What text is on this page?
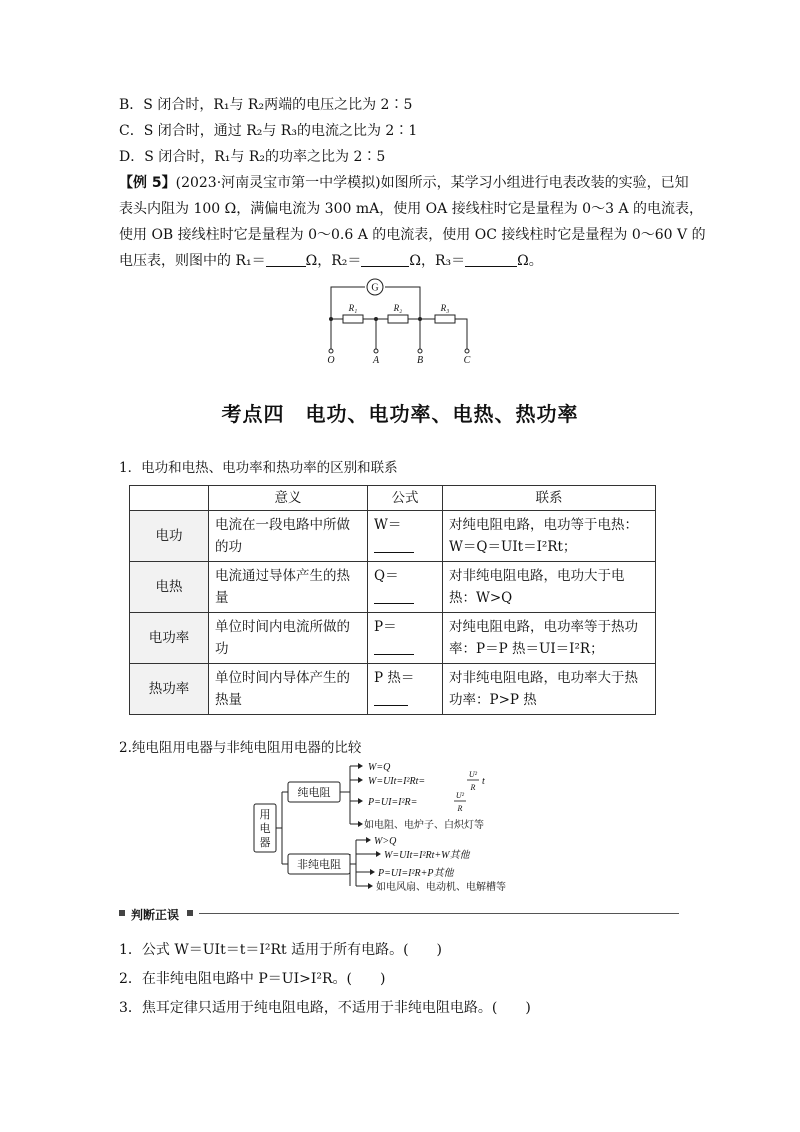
B．S 闭合时，R₁与 R₂两端的电压之比为 2∶5
C．S 闭合时，通过 R₂与 R₃的电流之比为 2∶1
D．S 闭合时，R₁与 R₂的功率之比为 2∶5
【例 5】(2023·河南灵宝市第一中学模拟)如图所示，某学习小组进行电表改装的实验，已知
表头内阻为 100 Ω，满偏电流为 300 mA，使用 OA 接线柱时它是量程为 0～3 A 的电流表，
使用 OB 接线柱时它是量程为 0～0.6 A 的电流表，使用 OC 接线柱时它是量程为 0～60 V 的
电压表，则图中的 R₁＝	Ω，R₂＝	Ω，R₃＝	Ω。
G
R₁	R₂	R₃
O	A	B	C
考点四　电功、电功率、电热、热功率
1．电功和电热、电功率和热功率的区别和联系
	意义	公式	联系
电功	电流在一段电路中所做的功	W＝	对纯电阻电路，电功等于电热：W＝Q＝UIt＝I²Rt；
电热	电流通过导体产生的热量	Q＝	对非纯电阻电路，电功大于电热：W>Q
电功率	单位时间内电流所做的功	P＝	对纯电阻电路，电功率等于热功率：P＝P 热＝UI＝I²R；
热功率	单位时间内导体产生的热量	P 热＝	对非纯电阻电路，电功率大于热功率：P>P 热
2.纯电阻用电器与非纯电阻用电器的比较
用
电
器
纯电阻
非纯电阻
W=Q
W=UIt=I²Rt=
U²
R
t
P=UI=I²R=
U²
R
如电阻、电炉子、白炽灯等
W>Q
W=UIt=I²Rt+W其他
P=UI=I²R+P其他
如电风扇、电动机、电解槽等
判断正误
1．公式 W＝UIt＝t＝I²Rt 适用于所有电路。(　　)
2．在非纯电阻电路中 P＝UI>I²R。(　　)
3．焦耳定律只适用于纯电阻电路，不适用于非纯电阻电路。(　　)
